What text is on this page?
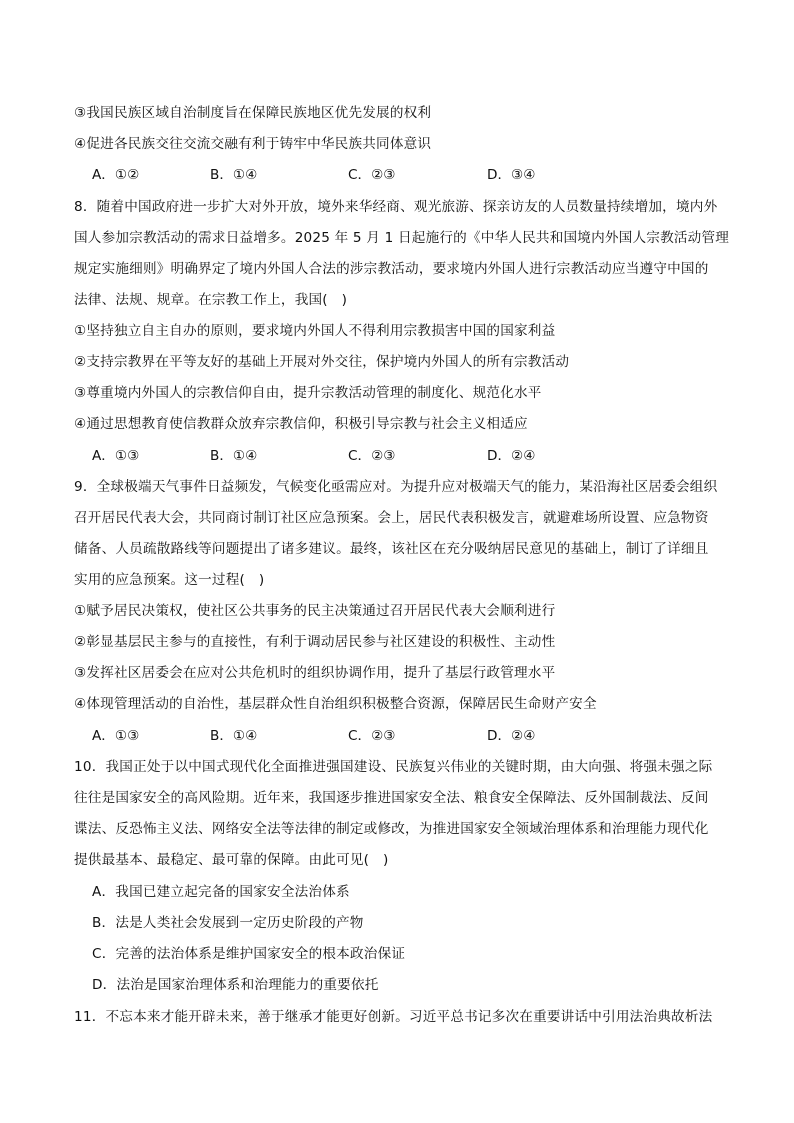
③我国民族区域自治制度旨在保障民族地区优先发展的权利
④促进各民族交往交流交融有利于铸牢中华民族共同体意识
A．①②	B．①④	C．②③	D．③④
8．随着中国政府进一步扩大对外开放，境外来华经商、观光旅游、探亲访友的人员数量持续增加，境内外
国人参加宗教活动的需求日益增多。2025 年 5 月 1 日起施行的《中华人民共和国境内外国人宗教活动管理
规定实施细则》明确界定了境内外国人合法的涉宗教活动，要求境内外国人进行宗教活动应当遵守中国的
法律、法规、规章。在宗教工作上，我国(　)
①坚持独立自主自办的原则，要求境内外国人不得利用宗教损害中国的国家利益
②支持宗教界在平等友好的基础上开展对外交往，保护境内外国人的所有宗教活动
③尊重境内外国人的宗教信仰自由，提升宗教活动管理的制度化、规范化水平
④通过思想教育使信教群众放弃宗教信仰，积极引导宗教与社会主义相适应
A．①③	B．①④	C．②③	D．②④
9．全球极端天气事件日益频发，气候变化亟需应对。为提升应对极端天气的能力，某沿海社区居委会组织
召开居民代表大会，共同商讨制订社区应急预案。会上，居民代表积极发言，就避难场所设置、应急物资
储备、人员疏散路线等问题提出了诸多建议。最终，该社区在充分吸纳居民意见的基础上，制订了详细且
实用的应急预案。这一过程(　)
①赋予居民决策权，使社区公共事务的民主决策通过召开居民代表大会顺利进行
②彰显基层民主参与的直接性，有利于调动居民参与社区建设的积极性、主动性
③发挥社区居委会在应对公共危机时的组织协调作用，提升了基层行政管理水平
④体现管理活动的自治性，基层群众性自治组织积极整合资源，保障居民生命财产安全
A．①③	B．①④	C．②③	D．②④
10．我国正处于以中国式现代化全面推进强国建设、民族复兴伟业的关键时期，由大向强、将强未强之际
往往是国家安全的高风险期。近年来，我国逐步推进国家安全法、粮食安全保障法、反外国制裁法、反间
谍法、反恐怖主义法、网络安全法等法律的制定或修改，为推进国家安全领域治理体系和治理能力现代化
提供最基本、最稳定、最可靠的保障。由此可见(　)
A．我国已建立起完备的国家安全法治体系
B．法是人类社会发展到一定历史阶段的产物
C．完善的法治体系是维护国家安全的根本政治保证
D．法治是国家治理体系和治理能力的重要依托
11．不忘本来才能开辟未来，善于继承才能更好创新。习近平总书记多次在重要讲话中引用法治典故析法
